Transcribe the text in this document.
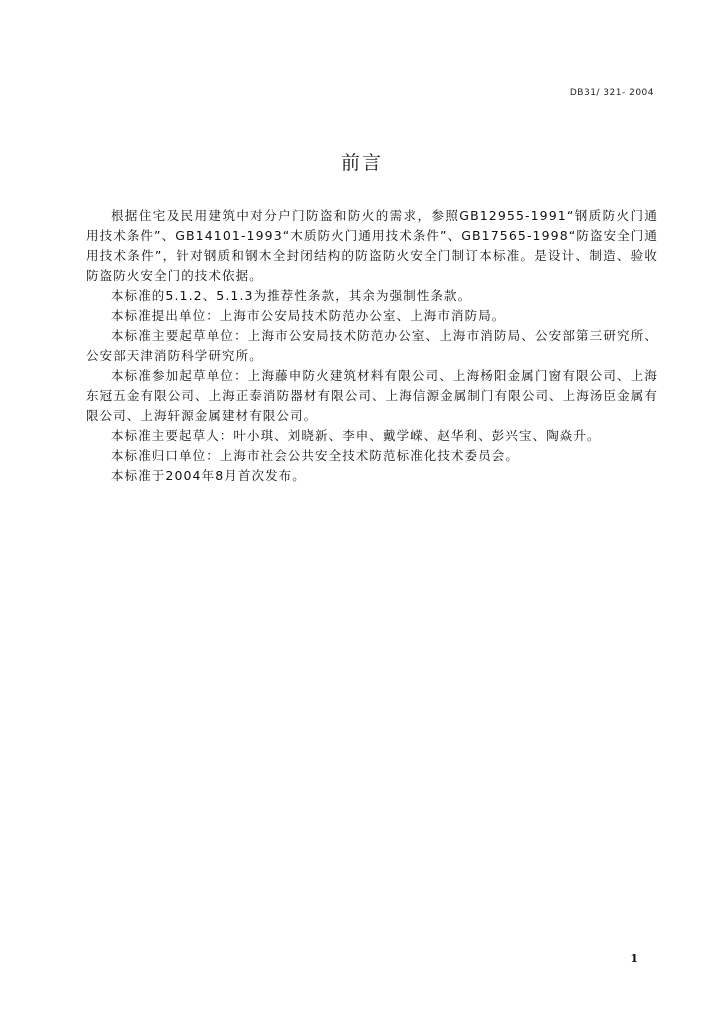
DB31/ 321- 2004
前言

根据住宅及民用建筑中对分户门防盗和防火的需求，参照GB12955-1991“钢质防火门通用技术条件”、GB14101-1993“木质防火门通用技术条件”、GB17565-1998“防盗安全门通用技术条件”，针对钢质和钢木全封闭结构的防盗防火安全门制订本标准。是设计、制造、验收防盗防火安全门的技术依据。

本标准的5.1.2、5.1.3为推荐性条款，其余为强制性条款。

本标准提出单位：上海市公安局技术防范办公室、上海市消防局。

本标准主要起草单位：上海市公安局技术防范办公室、上海市消防局、公安部第三研究所、公安部天津消防科学研究所。

本标准参加起草单位：上海藤申防火建筑材料有限公司、上海杨阳金属门窗有限公司、上海东冠五金有限公司、上海正泰消防器材有限公司、上海信源金属制门有限公司、上海汤臣金属有限公司、上海轩源金属建材有限公司。

本标准主要起草人：叶小琪、刘晓新、李申、戴学嵘、赵华利、彭兴宝、陶焱升。

本标准归口单位：上海市社会公共安全技术防范标准化技术委员会。

本标准于2004年8月首次发布。

1
